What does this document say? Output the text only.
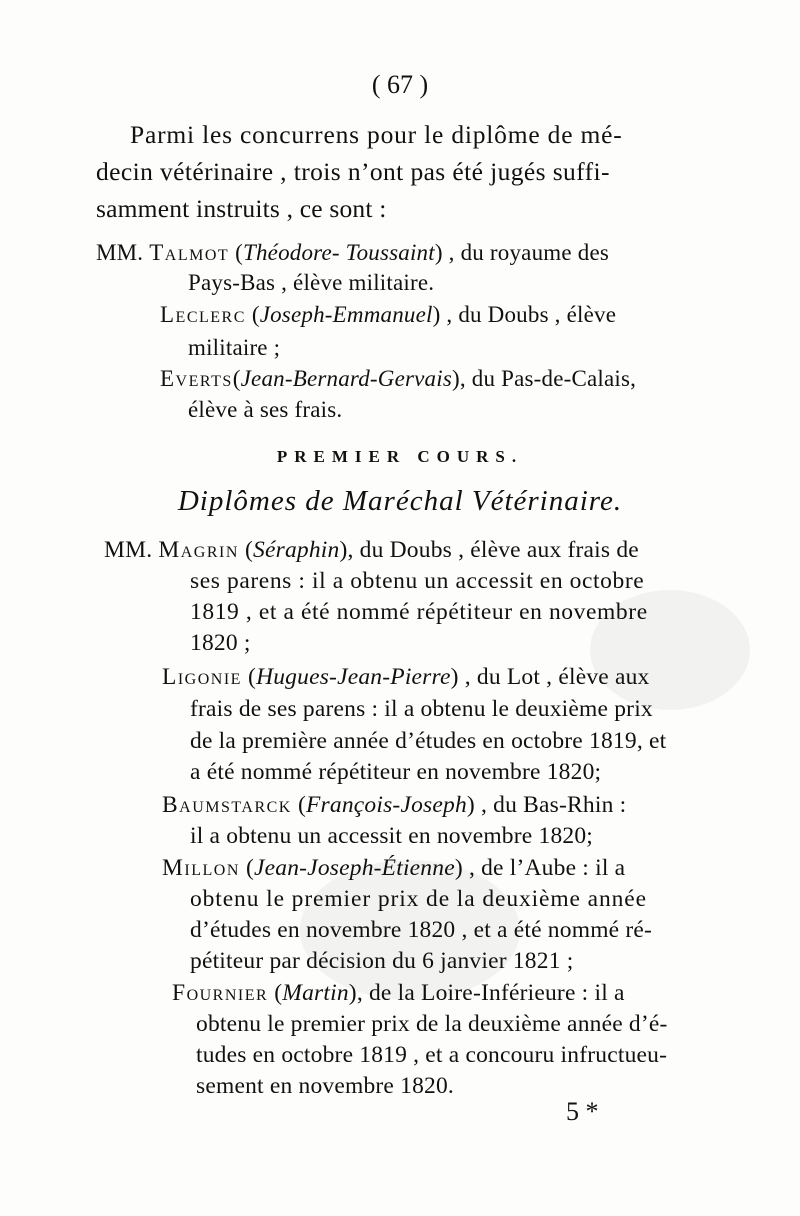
( 67 )
Parmi les concurrens pour le diplôme de mé-
decin vétérinaire , trois n’ont pas été jugés suffi-
samment instruits , ce sont :
MM. Talmot (Théodore- Toussaint) , du royaume des
Pays-Bas , élève militaire.
Leclerc (Joseph-Emmanuel) , du Doubs , élève
militaire ;
Everts(Jean-Bernard-Gervais), du Pas-de-Calais,
élève à ses frais.
PREMIER COURS.
Diplômes de Maréchal Vétérinaire.
MM. Magrin (Séraphin), du Doubs , élève aux frais de
ses parens : il a obtenu un accessit en octobre
1819 , et a été nommé répétiteur en novembre
1820 ;
Ligonie (Hugues-Jean-Pierre) , du Lot , élève aux
frais de ses parens : il a obtenu le deuxième prix
de la première année d’études en octobre 1819, et
a été nommé répétiteur en novembre 1820;
Baumstarck (François-Joseph) , du Bas-Rhin :
il a obtenu un accessit en novembre 1820;
Millon (Jean-Joseph-Étienne) , de l’Aube : il a
obtenu le premier prix de la deuxième année
d’études en novembre 1820 , et a été nommé ré-
pétiteur par décision du 6 janvier 1821 ;
Fournier (Martin), de la Loire-Inférieure : il a
obtenu le premier prix de la deuxième année d’é-
tudes en octobre 1819 , et a concouru infructueu-
sement en novembre 1820.
5 *
